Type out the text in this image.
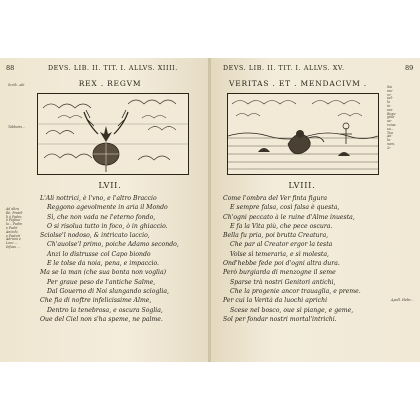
88	DEVS. LIB. II. TIT. I. ALLVS. XIIII.
Scrib...ale
Tabboris...
REX . REGVM
LVII.
L'Ali nottrici, è l'vno, e l'altro Braccio
Reggono agevolmente in aria il Mondo
Sì, che non vada ne l'eterno fondo,
O si risolua tutto in foco, ò in ghiaccio.
Sciolse'l nodoso, & intricato laccio,
Ch'auolse'l primo, poiche Adamo secondo,
Anzi lo distrusse col Capo biondo
E le tolse da noia, pena, e impaccio.
Ma se la man (che sua bonta non voglia)
Per graue peso de l'antiche Salme,
Dal Gouerno di Noi slungando scioglia,
Che fia di noftre infelicissime Alme,
Dentro la tenebrosa, e oscura Soglia,
Oue del Ciel non s'ha speme, ne palme.
Ad altra
Rè. Fratel-
li ò Padre,
ò Figliuo-
lo... Padre
e Padri
Antichi,
e Pastori
Adriani e
Loro ...
Infuso ...
DEVS. LIB. II. TIT. I. ALLVS. XV.	89
VERITAS . ET . MENDACIVM .	Sui
mo-
ro-
uel-
la
in-
noi-
Regu-
gina-
ue-
ruiua
su...
Tua
An-
lu-
nam,
&-
LVIII.
Come l'ombra del Ver finta figura
E sempre falsa, così falsa è questa,
Ch'ogni peccato à le ruine d'Alme inuesta,
E fa la Vita più, che pece oscura.
Bella fu pria, poi brutta Creatura,
Che par al Creator ergor la testa
Volse sì temeraria, e sì molesta,
Ond'hebbe fede poi d'ogni altra dura.
Però burgiarda di menzogne il seme
Sparse trà nostri Genitori antichi,
Che la progenie ancor trauaglia, e preme.
Per cui la Verità da luochi aprichi
Scese nel bosco, oue sì piange, e geme,
Sol per fondar nostri mortal'intrichi.
Apoll. Hebr...
